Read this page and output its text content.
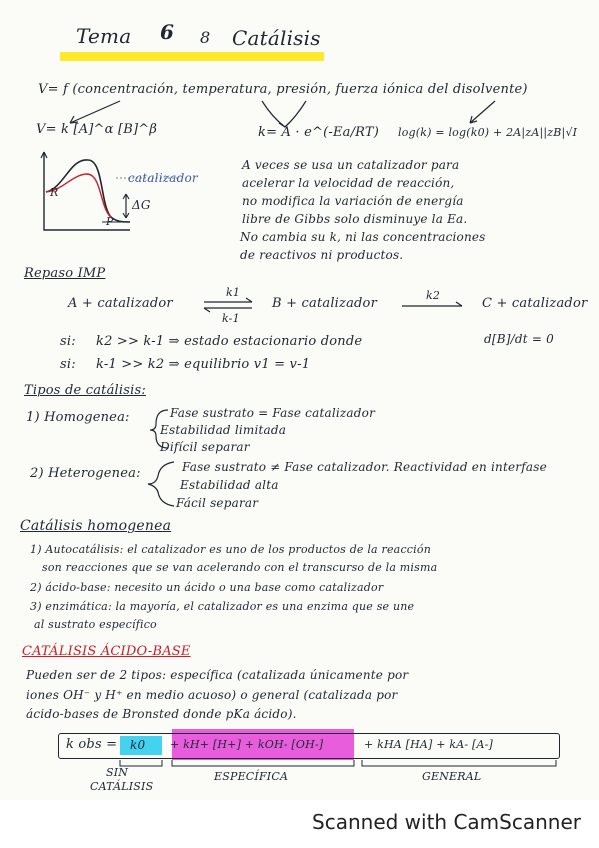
Tema 6 8 Catálisis
V= f (concentración, temperatura, presión, fuerza iónica del disolvente)
V= k [A]^α [B]^β	k= A · e^(-Ea/RT) log(k) = log(k0) + 2A|zA||zB|√I
R
P
catalizador
ΔG
A veces se usa un catalizador para
acelerar la velocidad de reacción,
no modifica la variación de energía
libre de Gibbs solo disminuye la Ea.
No cambia su k, ni las concentraciones
de reactivos ni productos.
Repaso IMP
A + catalizador
k1
k-1
⇌ B + catalizador
k2
C + catalizador
si: k2 >> k-1 ⇒ estado estacionario donde	d[B]/dt = 0
si: k-1 >> k2 ⇒ equilibrio v1 = v-1
Tipos de catálisis:
1) Homogenea:	Fase sustrato = Fase catalizador
Estabilidad limitada
Difícil separar
2) Heterogenea:	Fase sustrato ≠ Fase catalizador. Reactividad en interfase
Estabilidad alta
Fácil separar
Catálisis homogenea
1) Autocatálisis: el catalizador es uno de los productos de la reacción
son reacciones que se van acelerando con el transcurso de la misma
2) ácido-base: necesito un ácido o una base como catalizador
3) enzimática: la mayoría, el catalizador es una enzima que se une
al sustrato específico
CATÁLISIS ÁCIDO-BASE
Pueden ser de 2 tipos: específica (catalizada únicamente por
iones OH⁻ y H⁺ en medio acuoso) o general (catalizada por
ácido-bases de Bronsted donde pKa ácido).
k obs = k0 + kH+ [H+] + kOH- [OH-]	+ kHA [HA] + kA- [A-]
SIN
CATÁLISIS
ESPECÍFICA	GENERAL
Scanned with CamScanner
